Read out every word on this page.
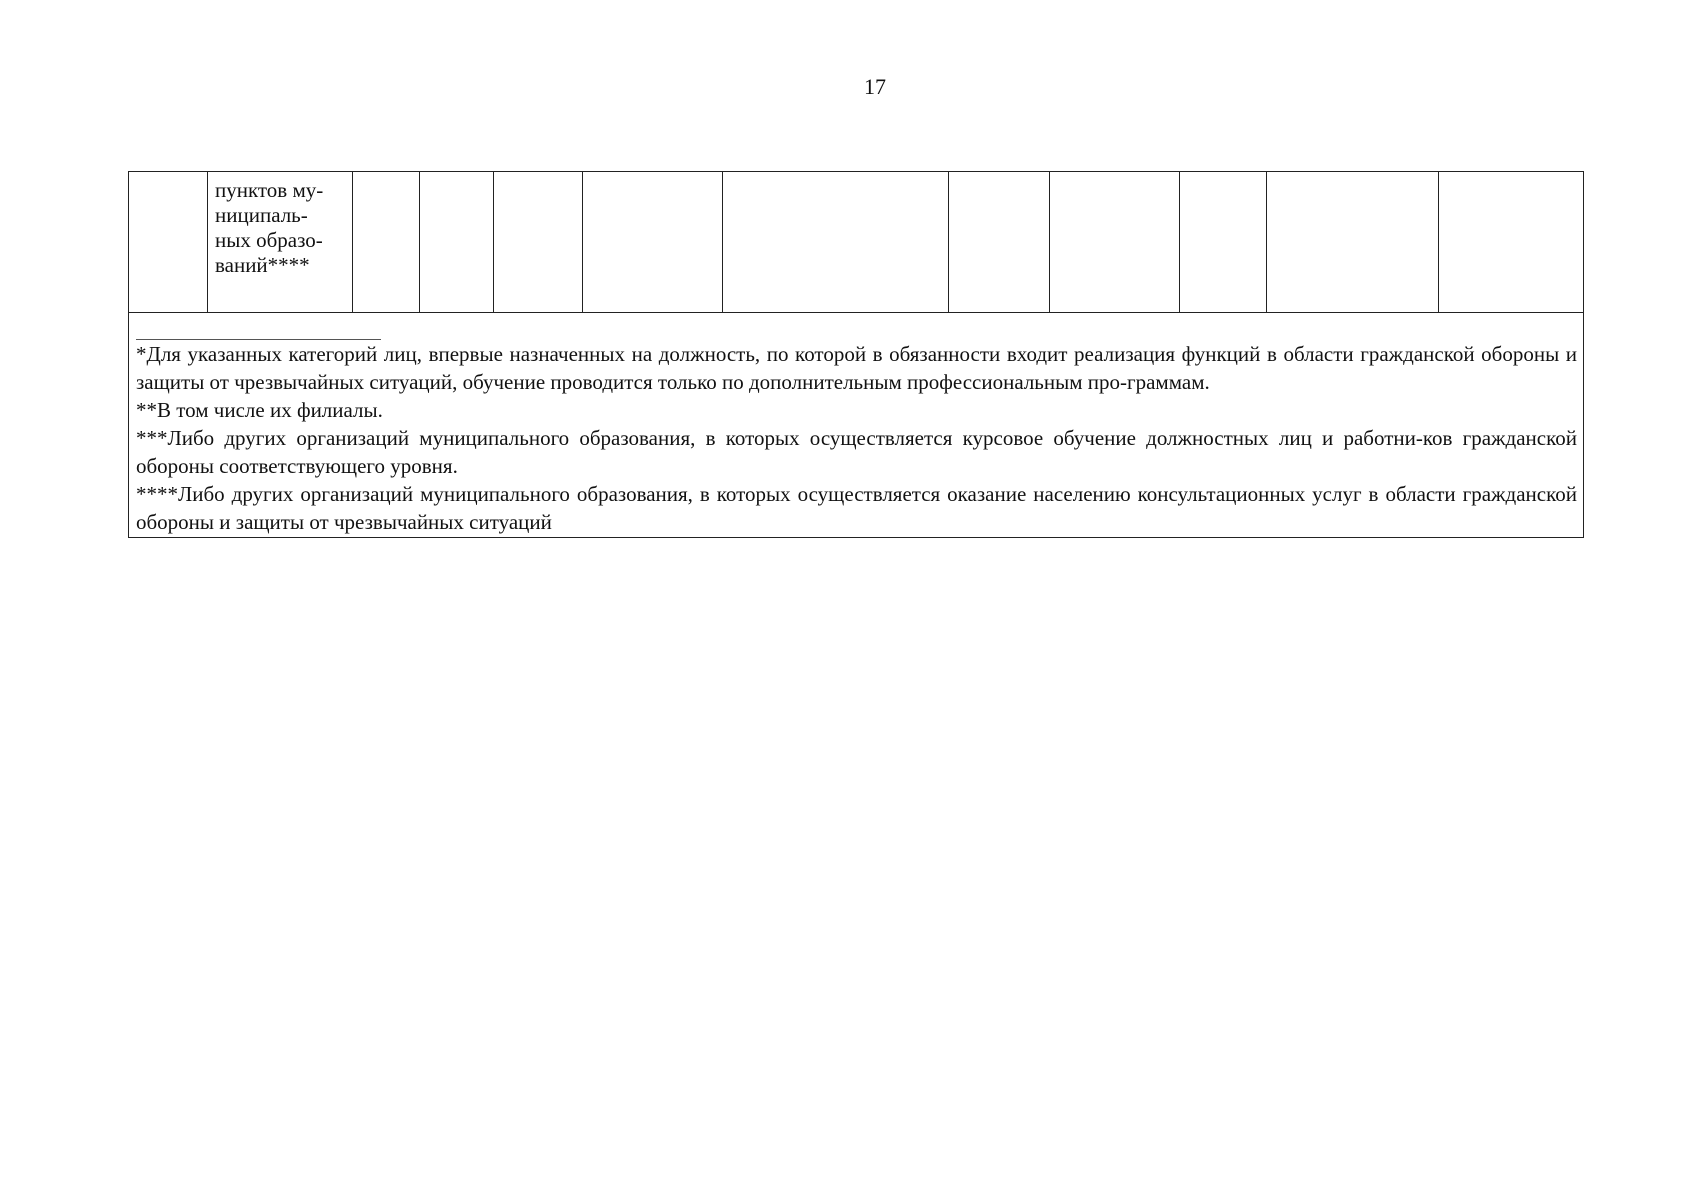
17

пунктов му-
ниципаль-
ных образо-
ваний****

*Для указанных категорий лиц, впервые назначенных на должность, по которой в обязанности входит реализация функций в области гражданской обороны и защиты от чрезвычайных ситуаций, обучение проводится только по дополнительным профессиональным про-граммам.

**В том числе их филиалы.

***Либо других организаций муниципального образования, в которых осуществляется курсовое обучение должностных лиц и работни-ков гражданской обороны соответствующего уровня.

****Либо других организаций муниципального образования, в которых осуществляется оказание населению консультационных услуг в области гражданской обороны и защиты от чрезвычайных ситуаций
